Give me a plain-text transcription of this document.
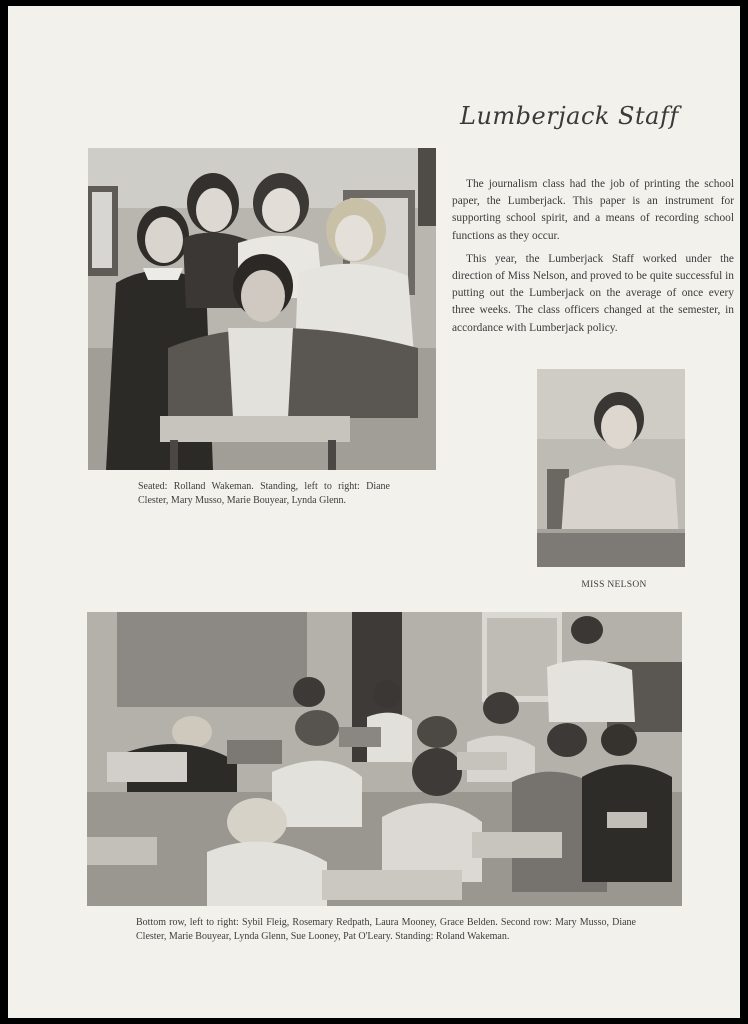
Lumberjack Staff

The journalism class had the job of printing the school paper, the Lumberjack. This paper is an instrument for supporting school spirit, and a means of recording school functions as they occur.

This year, the Lumberjack Staff worked under the direction of Miss Nelson, and proved to be quite successful in putting out the Lumberjack on the average of once every three weeks. The class officers changed at the semester, in accordance with Lumberjack policy.

Seated: Rolland Wakeman. Standing, left to right: Diane Clester, Mary Musso, Marie Bouyear, Lynda Glenn.
MISS NELSON
Bottom row, left to right: Sybil Fleig, Rosemary Redpath, Laura Mooney, Grace Belden. Second row: Mary Musso, Diane Clester, Marie Bouyear, Lynda Glenn, Sue Looney, Pat O'Leary. Standing: Roland Wakeman.
